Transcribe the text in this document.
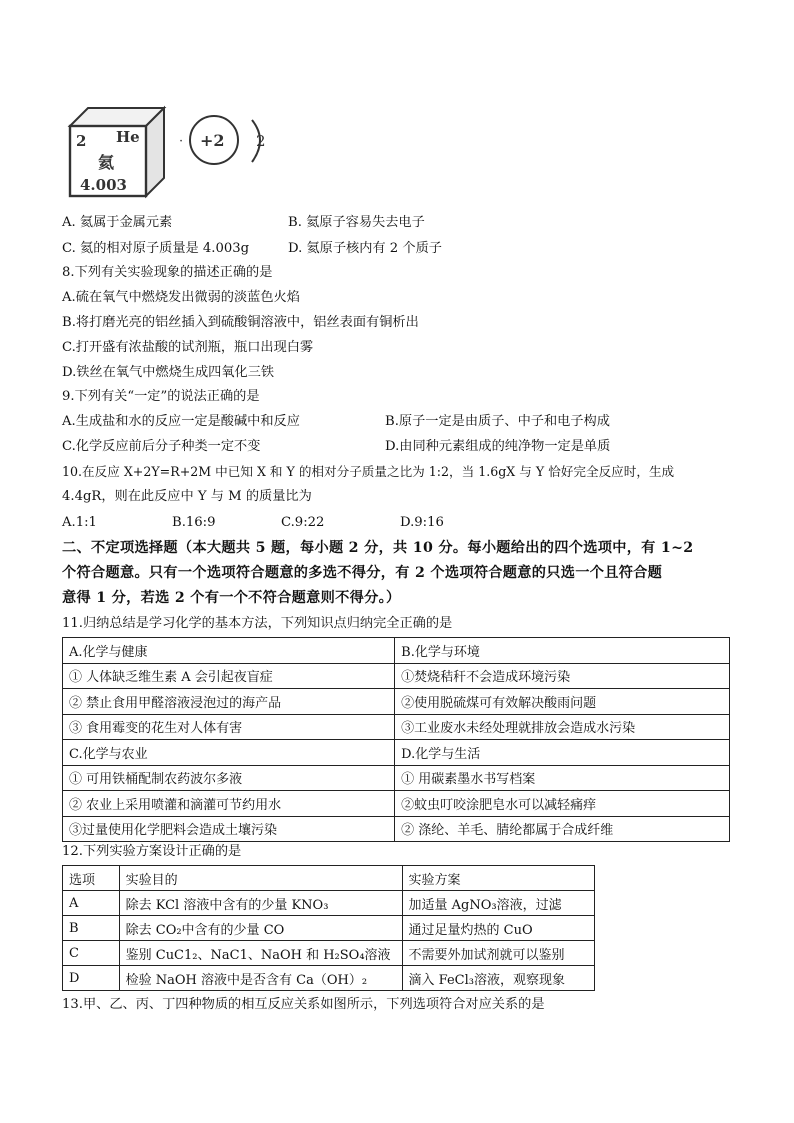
2 He
氦
4.003
· +2 2
A. 氦属于金属元素	B. 氦原子容易失去电子
C. 氦的相对原子质量是 4.003g	D. 氦原子核内有 2 个质子
8.下列有关实验现象的描述正确的是
A.硫在氧气中燃烧发出微弱的淡蓝色火焰
B.将打磨光亮的铝丝插入到硫酸铜溶液中，铝丝表面有铜析出
C.打开盛有浓盐酸的试剂瓶，瓶口出现白雾
D.铁丝在氧气中燃烧生成四氧化三铁
9.下列有关“一定”的说法正确的是
A.生成盐和水的反应一定是酸碱中和反应	B.原子一定是由质子、中子和电子构成
C.化学反应前后分子种类一定不变	D.由同种元素组成的纯净物一定是单质
10.在反应 X+2Y=R+2M 中已知 X 和 Y 的相对分子质量之比为 1:2，当 1.6gX 与 Y 恰好完全反应时，生成
4.4gR，则在此反应中 Y 与 M 的质量比为
A.1:1	B.16:9	C.9:22	D.9:16
二、不定项选择题（本大题共 5 题，每小题 2 分，共 10 分。每小题给出的四个选项中，有 1~2
个符合题意。只有一个选项符合题意的多选不得分，有 2 个选项符合题意的只选一个且符合题
意得 1 分，若选 2 个有一个不符合题意则不得分。）
11.归纳总结是学习化学的基本方法，下列知识点归纳完全正确的是
A.化学与健康	B.化学与环境
① 人体缺乏维生素 A 会引起夜盲症	①焚烧秸秆不会造成环境污染
② 禁止食用甲醛溶液浸泡过的海产品	②使用脱硫煤可有效解决酸雨问题
③ 食用霉变的花生对人体有害	③工业废水未经处理就排放会造成水污染
C.化学与农业	D.化学与生活
① 可用铁桶配制农药波尔多液	① 用碳素墨水书写档案
② 农业上采用喷灌和滴灌可节约用水	②蚊虫叮咬涂肥皂水可以减轻痛痒
③过量使用化学肥料会造成土壤污染	② 涤纶、羊毛、腈纶都属于合成纤维
12.下列实验方案设计正确的是
选项	实验目的	实验方案
A	除去 KCl 溶液中含有的少量 KNO₃	加适量 AgNO₃溶液，过滤
B	除去 CO₂中含有的少量 CO	通过足量灼热的 CuO
C	鉴别 CuC1₂、NaC1、NaOH 和 H₂SO₄溶液	不需要外加试剂就可以鉴别
D	检验 NaOH 溶液中是否含有 Ca（OH）₂	滴入 FeCl₃溶液，观察现象
13.甲、乙、丙、丁四种物质的相互反应关系如图所示，下列选项符合对应关系的是
